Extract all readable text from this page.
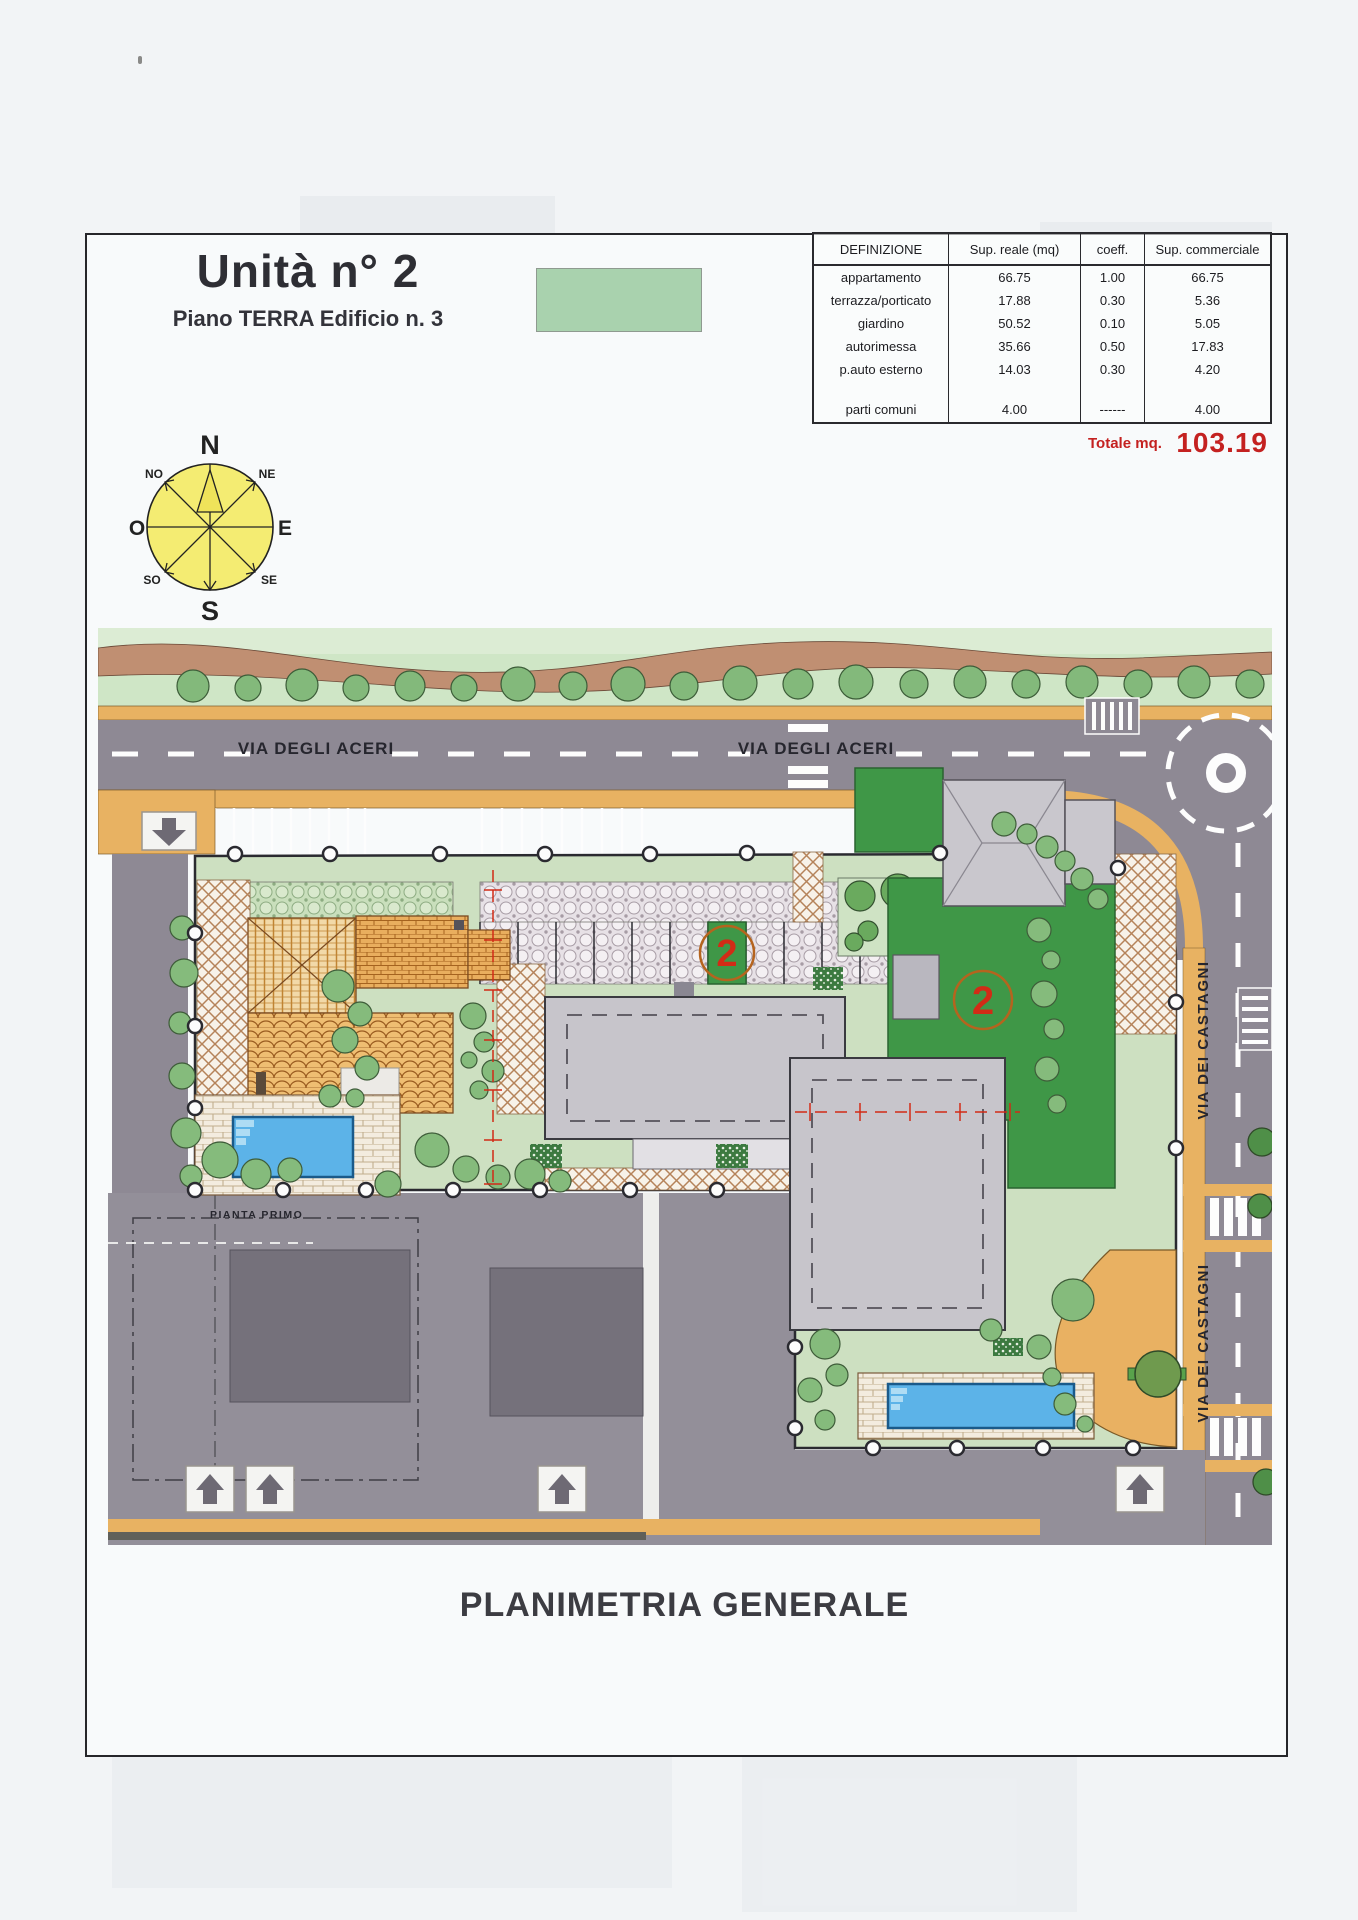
Unità n° 2
Piano TERRA Edificio n. 3
DEFINIZIONE	Sup. reale (mq)	coeff.	Sup. commerciale
appartamento	66.75	1.00	66.75
terrazza/porticato	17.88	0.30	5.36
giardino	50.52	0.10	5.05
autorimessa	35.66	0.50	17.83
p.auto esterno	14.03	0.30	4.20
parti comuni	4.00	------	4.00
Totale mq. 103.19
N
S
E
O
NE
NO
SE
SO
VIA DEGLI ACERI	VIA DEGLI ACERI
VIA DEI CASTAGNI
VIA DEI CASTAGNI
PIANTA PRIMO
2
2
PLANIMETRIA GENERALE
